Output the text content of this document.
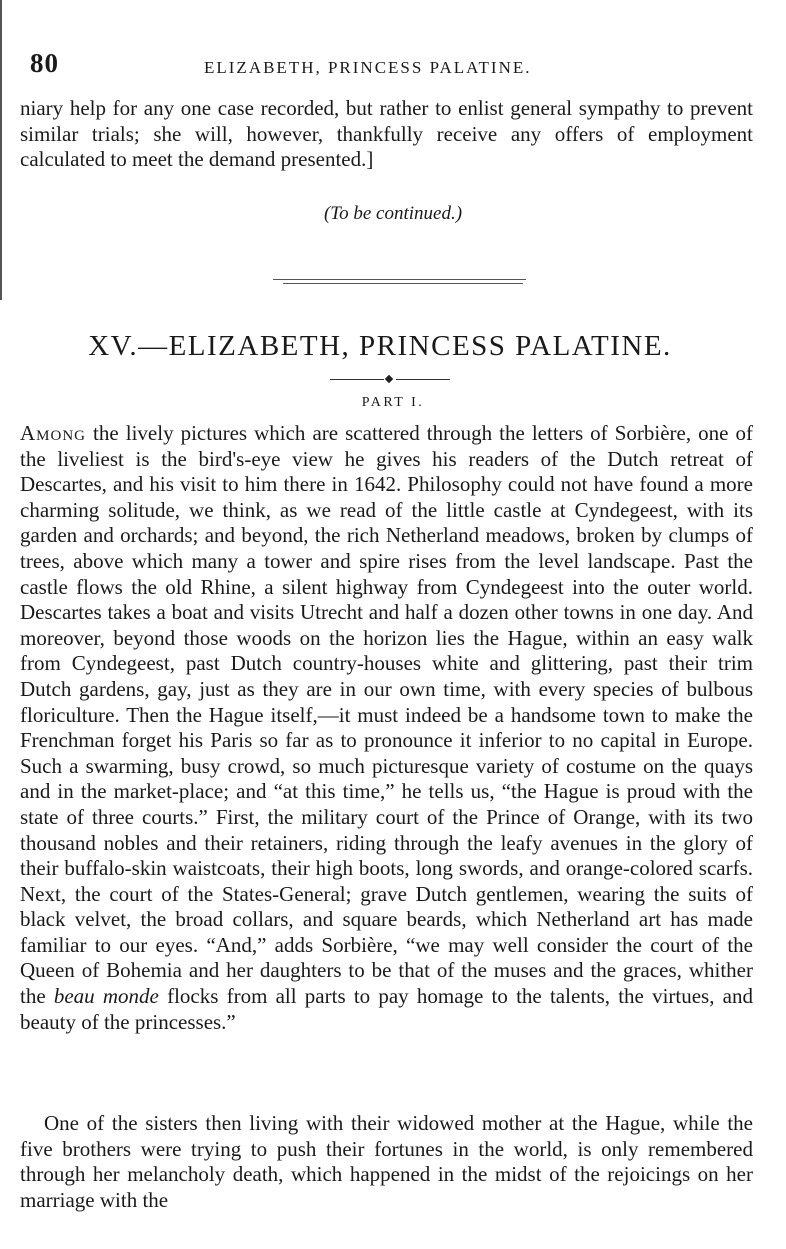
80	ELIZABETH, PRINCESS PALATINE.

niary help for any one case recorded, but rather to enlist general sympathy to prevent similar trials; she will, however, thankfully receive any offers of employment calculated to meet the demand presented.]

(To be continued.)
XV.—ELIZABETH, PRINCESS PALATINE.
PART I.

Among the lively pictures which are scattered through the letters of Sorbière, one of the liveliest is the bird's-eye view he gives his readers of the Dutch retreat of Descartes, and his visit to him there in 1642. Philosophy could not have found a more charming solitude, we think, as we read of the little castle at Cyndegeest, with its garden and orchards; and beyond, the rich Netherland meadows, broken by clumps of trees, above which many a tower and spire rises from the level landscape. Past the castle flows the old Rhine, a silent highway from Cyndegeest into the outer world. Descartes takes a boat and visits Utrecht and half a dozen other towns in one day. And moreover, beyond those woods on the horizon lies the Hague, within an easy walk from Cyndegeest, past Dutch country-houses white and glittering, past their trim Dutch gardens, gay, just as they are in our own time, with every species of bulbous floriculture. Then the Hague itself,—it must indeed be a handsome town to make the Frenchman forget his Paris so far as to pronounce it inferior to no capital in Europe. Such a swarming, busy crowd, so much picturesque variety of costume on the quays and in the market-place; and “at this time,” he tells us, “the Hague is proud with the state of three courts.” First, the military court of the Prince of Orange, with its two thousand nobles and their retainers, riding through the leafy avenues in the glory of their buffalo-skin waistcoats, their high boots, long swords, and orange-colored scarfs. Next, the court of the States-General; grave Dutch gentlemen, wearing the suits of black velvet, the broad collars, and square beards, which Netherland art has made familiar to our eyes. “And,” adds Sorbière, “we may well consider the court of the Queen of Bohemia and her daughters to be that of the muses and the graces, whither the beau monde flocks from all parts to pay homage to the talents, the virtues, and beauty of the princesses.”

One of the sisters then living with their widowed mother at the Hague, while the five brothers were trying to push their fortunes in the world, is only remembered through her melancholy death, which happened in the midst of the rejoicings on her marriage with the
